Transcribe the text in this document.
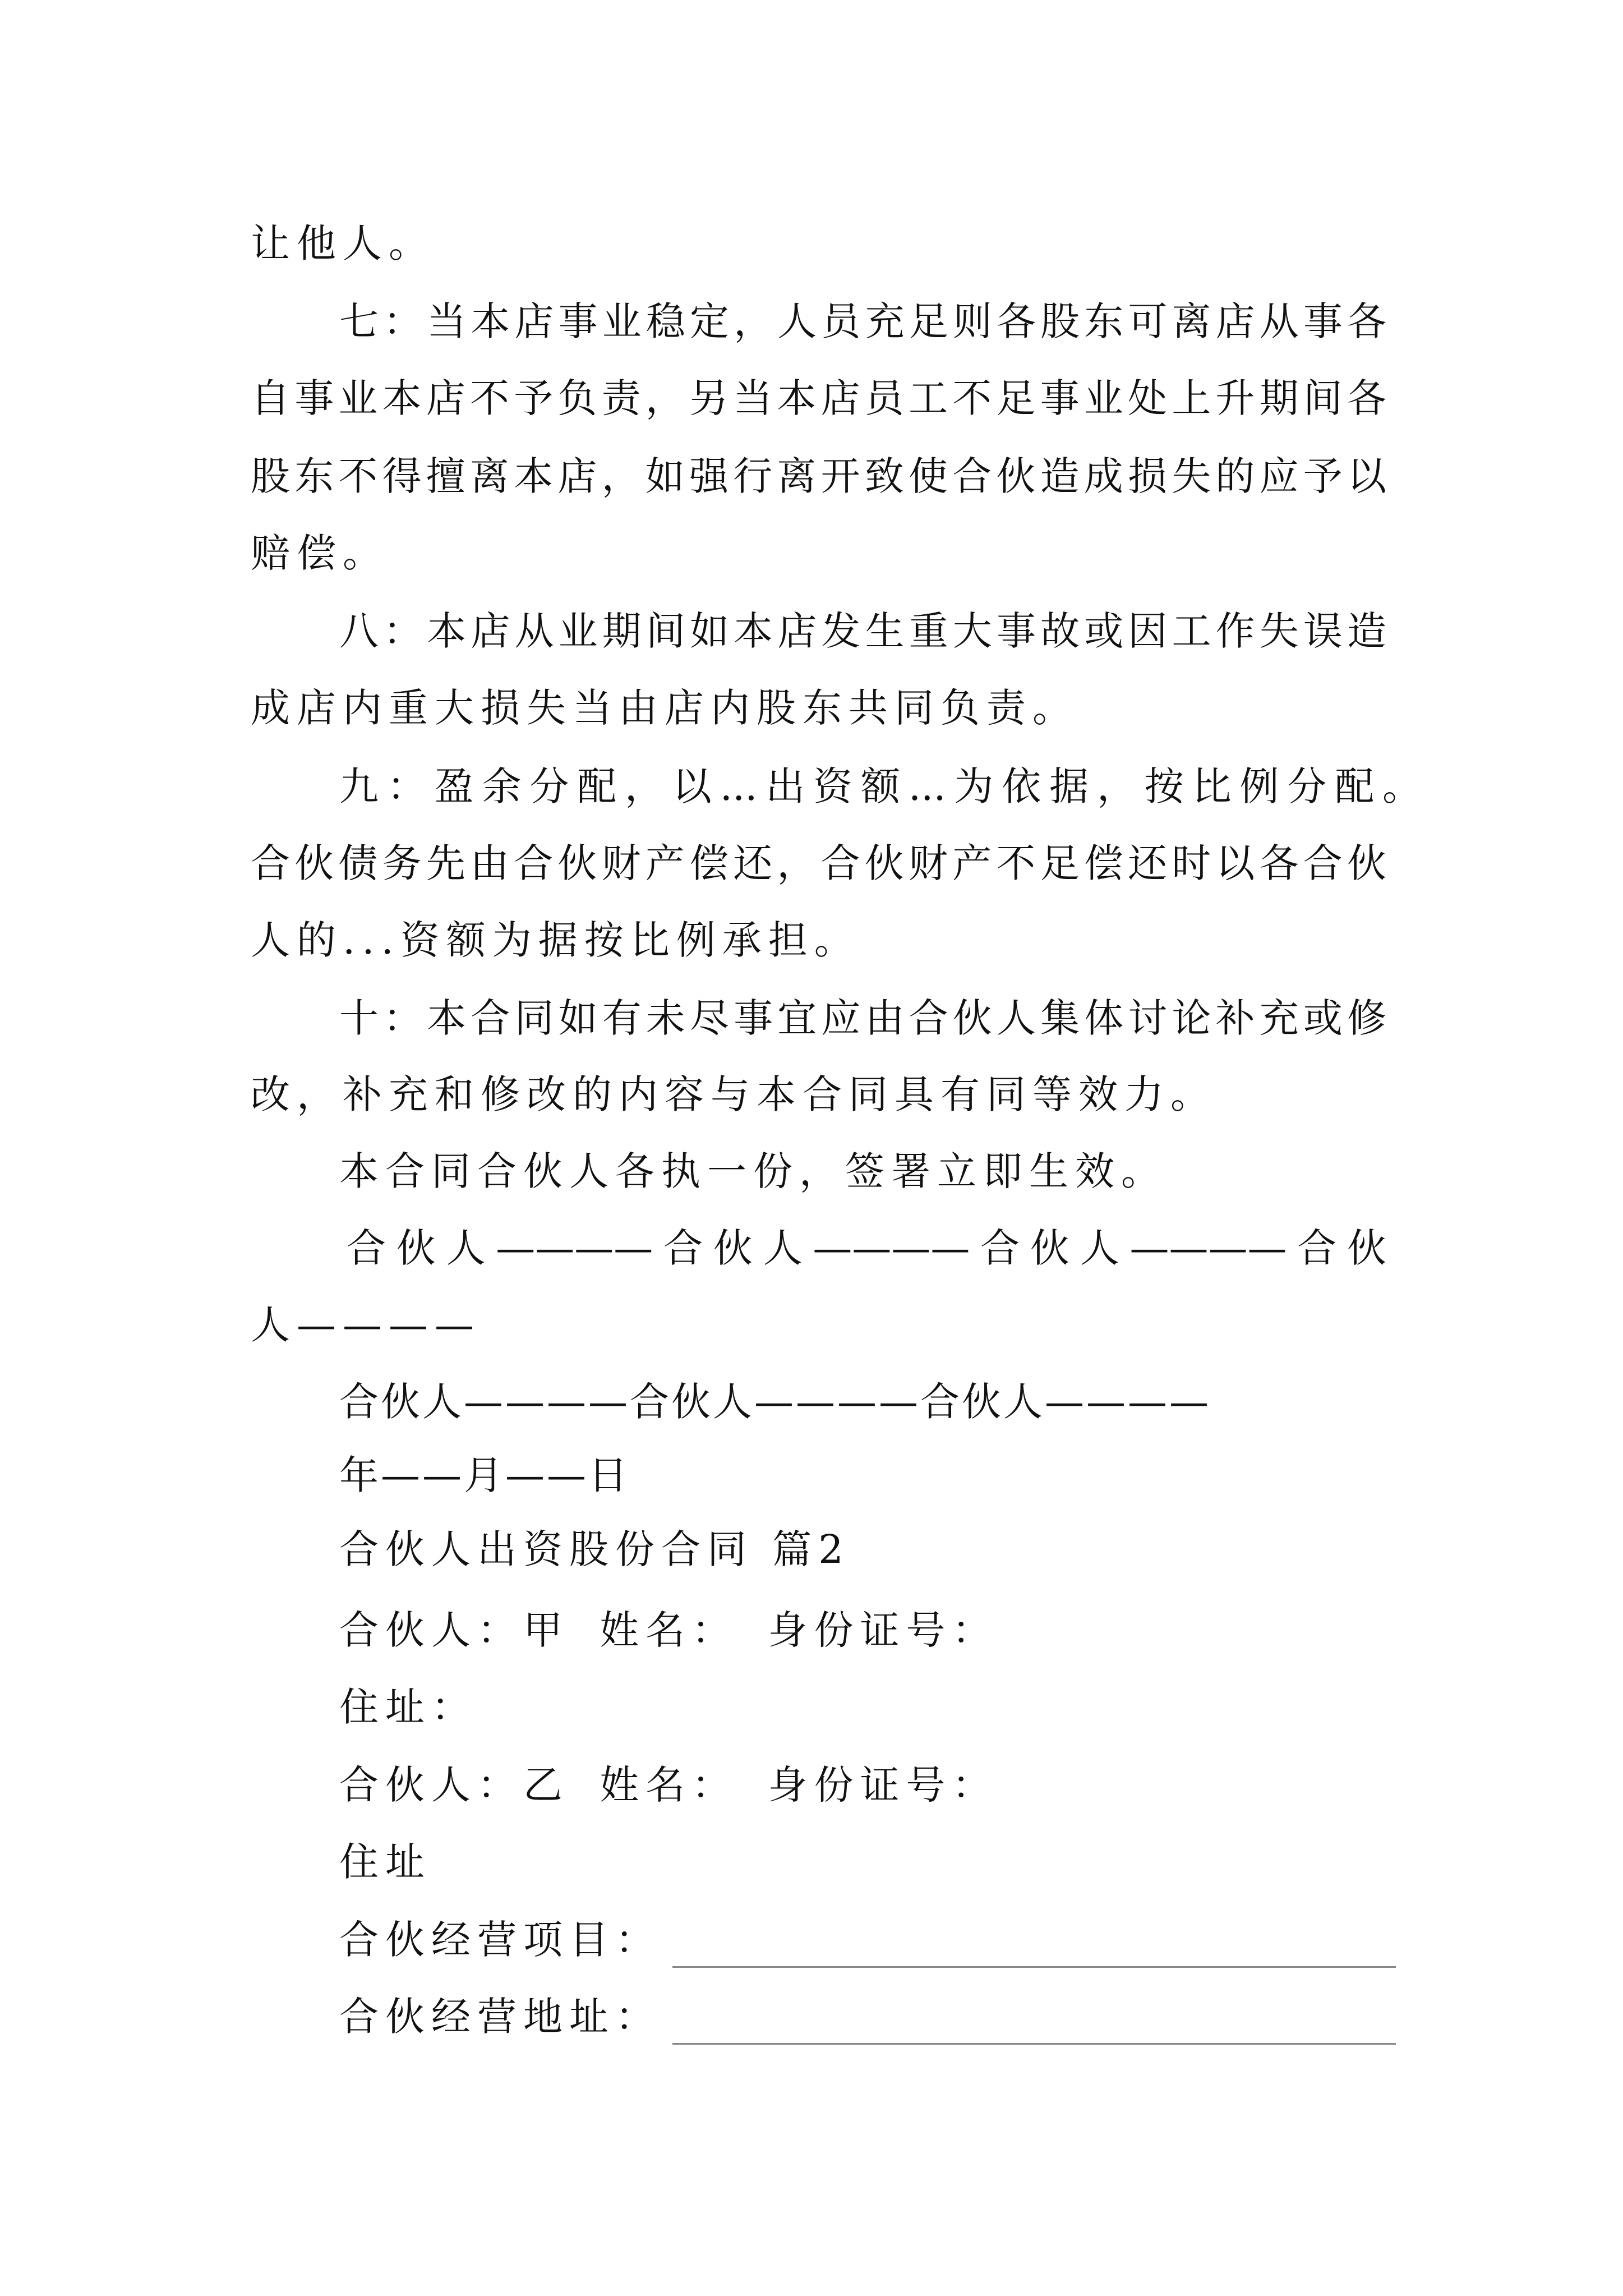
让他人。
七：当本店事业稳定，人员充足则各股东可离店从事各
自事业本店不予负责，另当本店员工不足事业处上升期间各
股东不得擅离本店，如强行离开致使合伙造成损失的应予以
赔偿。
八：本店从业期间如本店发生重大事故或因工作失误造
成店内重大损失当由店内股东共同负责。
九：盈余分配，以...出资额...为依据，按比例分配。
合伙债务先由合伙财产偿还，合伙财产不足偿还时以各合伙
人的...资额为据按比例承担。
十：本合同如有未尽事宜应由合伙人集体讨论补充或修
改，补充和修改的内容与本合同具有同等效力。
本合同合伙人各执一份，签署立即生效。
合伙人————合伙人————合伙人————合伙
人————
合伙人————合伙人————合伙人————
年——月——日
合伙人出资股份合同 篇2
合伙人：甲 姓名： 身份证号：
住址：
合伙人：乙 姓名： 身份证号：
住址
合伙经营项目：
合伙经营地址：
